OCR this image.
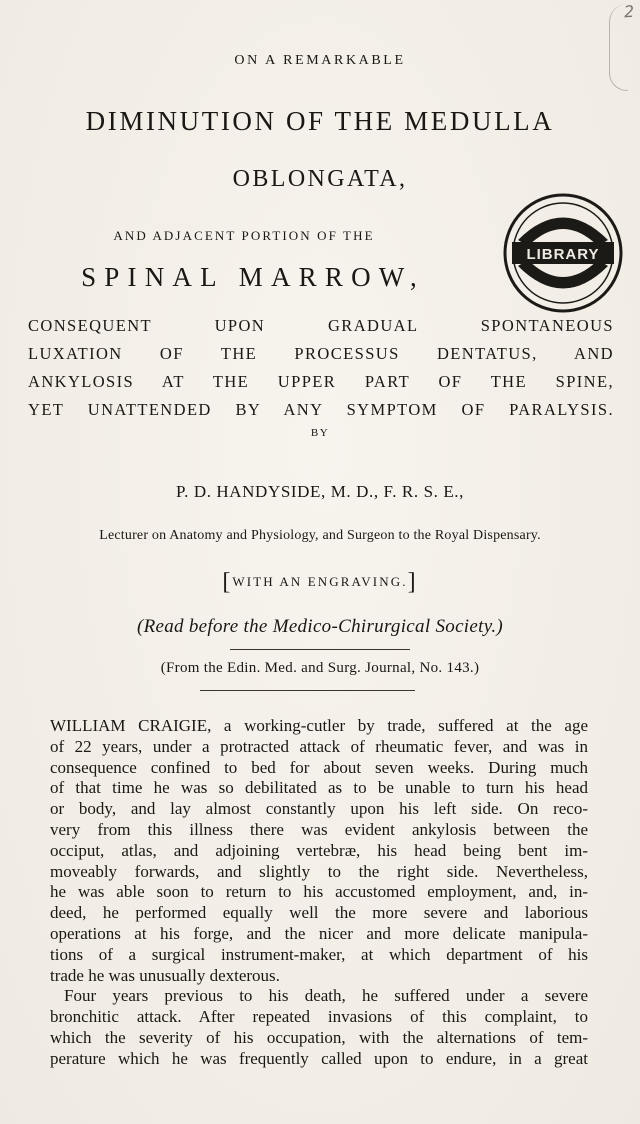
2
ON A REMARKABLE
DIMINUTION OF THE MEDULLA
OBLONGATA,
AND ADJACENT PORTION OF THE
SPINAL MARROW,
LIBRARY
CONSEQUENT UPON GRADUAL SPONTANEOUS
LUXATION OF THE PROCESSUS DENTATUS, AND
ANKYLOSIS AT THE UPPER PART OF THE SPINE,
YET UNATTENDED BY ANY SYMPTOM OF PARALYSIS.
BY
P. D. HANDYSIDE, M. D., F. R. S. E.,
Lecturer on Anatomy and Physiology, and Surgeon to the Royal Dispensary.
[WITH AN ENGRAVING.]
(Read before the Medico-Chirurgical Society.)
(From the Edin. Med. and Surg. Journal, No. 143.)
WILLIAM CRAIGIE, a working-cutler by trade, suffered at the age
of 22 years, under a protracted attack of rheumatic fever, and was in
consequence confined to bed for about seven weeks. During much
of that time he was so debilitated as to be unable to turn his head
or body, and lay almost constantly upon his left side. On reco-
very from this illness there was evident ankylosis between the
occiput, atlas, and adjoining vertebræ, his head being bent im-
moveably forwards, and slightly to the right side. Nevertheless,
he was able soon to return to his accustomed employment, and, in-
deed, he performed equally well the more severe and laborious
operations at his forge, and the nicer and more delicate manipula-
tions of a surgical instrument-maker, at which department of his
trade he was unusually dexterous.
Four years previous to his death, he suffered under a severe
bronchitic attack. After repeated invasions of this complaint, to
which the severity of his occupation, with the alternations of tem-
perature which he was frequently called upon to endure, in a great
